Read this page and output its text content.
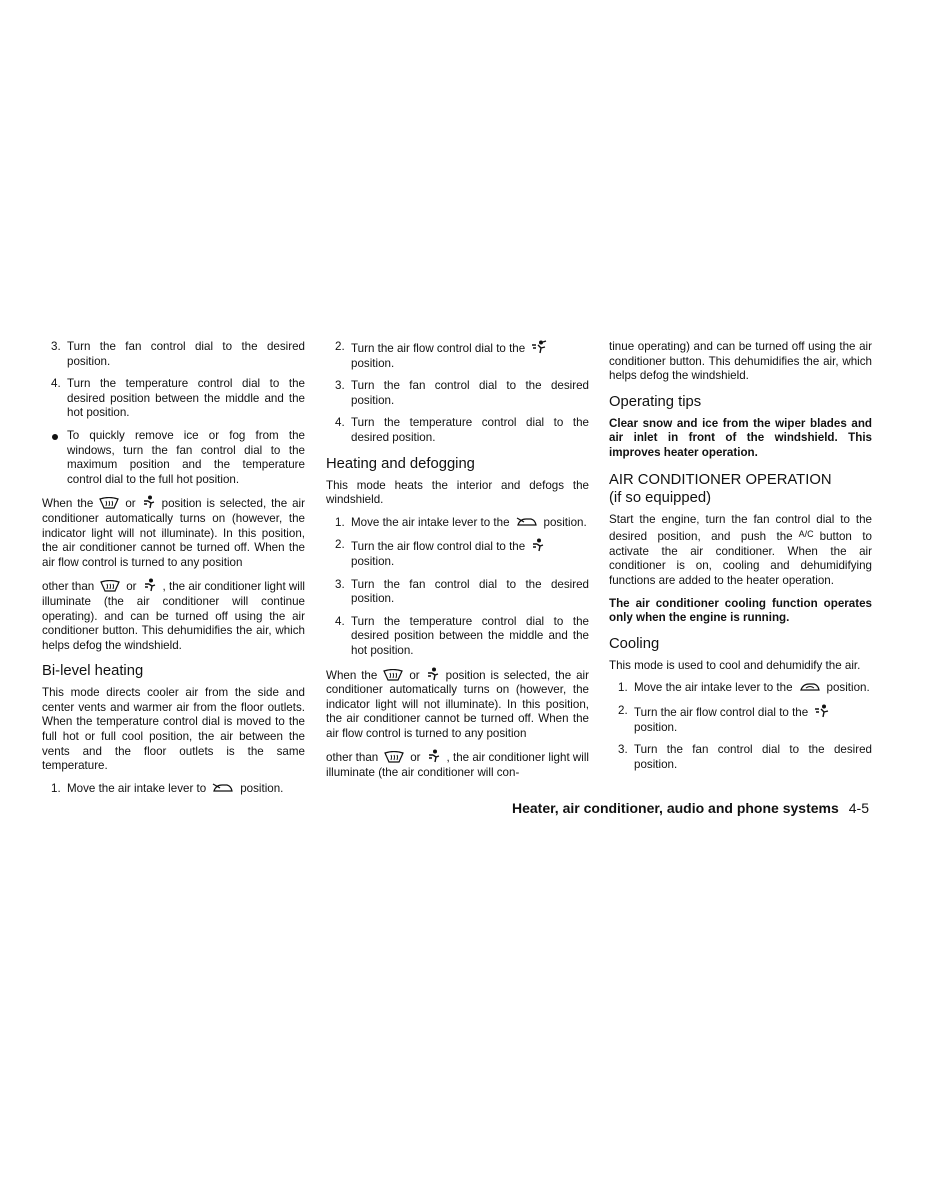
3. Turn the fan control dial to the desired position.
4. Turn the temperature control dial to the desired position between the middle and the hot position.
To quickly remove ice or fog from the windows, turn the fan control dial to the maximum position and the temperature control dial to the full hot position.

When the	or position is selected, the air conditioner automatically turns on (however, the indicator light will not illuminate). In this position, the air conditioner cannot be turned off. When the air flow control is turned to any position

other than	or , the air conditioner light will illuminate (the air conditioner will continue operating). and can be turned off using the air conditioner button. This dehumidifies the air, which helps defog the windshield.

Bi-level heating

This mode directs cooler air from the side and center vents and warmer air from the floor outlets. When the temperature control dial is moved to the full hot or full cool position, the air between the vents and the floor outlets is the same temperature.

1. Move the air intake lever to	position.
2. Turn the air flow control dial to the

position.
3. Turn the fan control dial to the desired position.
4. Turn the temperature control dial to the desired position.
Heating and defogging

This mode heats the interior and defogs the windshield.

1. Move the air intake lever to the	position.
2. Turn the air flow control dial to the

position.
3. Turn the fan control dial to the desired position.
4. Turn the temperature control dial to the desired position between the middle and the hot position.

When the	or position is selected, the air conditioner automatically turns on (however, the indicator light will not illuminate). In this position, the air conditioner cannot be turned off. When the air flow control is turned to any position

other than	or , the air conditioner light will illuminate (the air conditioner will con-

tinue operating) and can be turned off using the air conditioner button. This dehumidifies the air, which helps defog the windshield.

Operating tips

Clear snow and ice from the wiper blades and air inlet in front of the windshield. This improves heater operation.

AIR CONDITIONER OPERATION
(if so equipped)

Start the engine, turn the fan control dial to the desired position, and push the A/C button to activate the air conditioner. When the air conditioner is on, cooling and dehumidifying functions are added to the heater operation.

The air conditioner cooling function operates only when the engine is running.

Cooling

This mode is used to cool and dehumidify the air.

1. Move the air intake lever to the	position.
2. Turn the air flow control dial to the

position.
3. Turn the fan control dial to the desired position.
Heater, air conditioner, audio and phone systems 4-5
